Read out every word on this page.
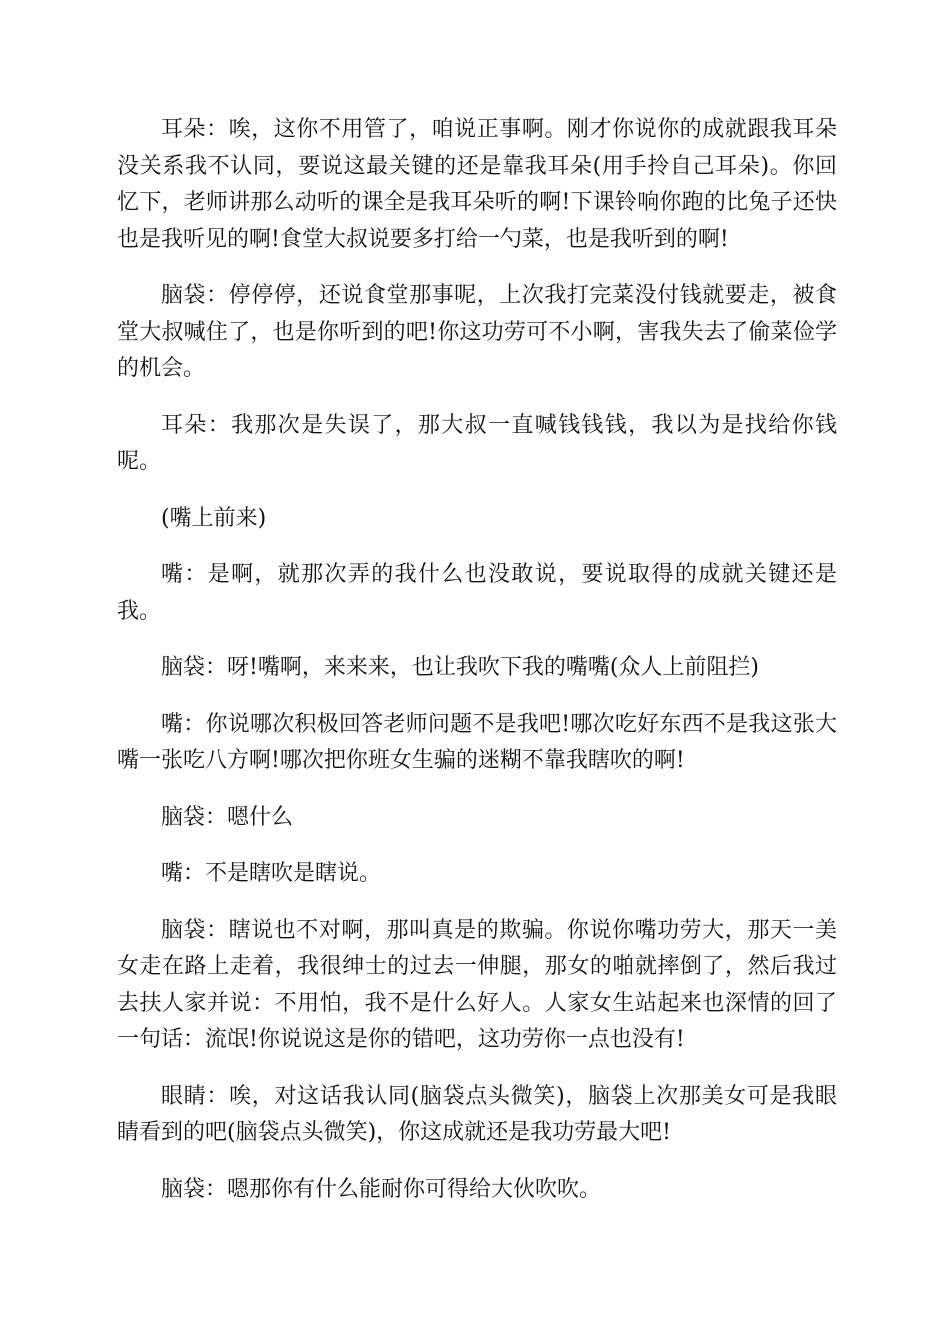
耳朵：唉，这你不用管了，咱说正事啊。刚才你说你的成就跟我耳朵没关系我不认同，要说这最关键的还是靠我耳朵(用手拎自己耳朵)。你回忆下，老师讲那么动听的课全是我耳朵听的啊!下课铃响你跑的比兔子还快也是我听见的啊!食堂大叔说要多打给一勺菜，也是我听到的啊!

脑袋：停停停，还说食堂那事呢，上次我打完菜没付钱就要走，被食堂大叔喊住了，也是你听到的吧!你这功劳可不小啊，害我失去了偷菜俭学的机会。

耳朵：我那次是失误了，那大叔一直喊钱钱钱，我以为是找给你钱呢。

(嘴上前来)

嘴：是啊，就那次弄的我什么也没敢说，要说取得的成就关键还是我。

脑袋：呀!嘴啊，来来来，也让我吹下我的嘴嘴(众人上前阻拦)

嘴：你说哪次积极回答老师问题不是我吧!哪次吃好东西不是我这张大嘴一张吃八方啊!哪次把你班女生骗的迷糊不靠我瞎吹的啊!

脑袋：嗯什么

嘴：不是瞎吹是瞎说。

脑袋：瞎说也不对啊，那叫真是的欺骗。你说你嘴功劳大，那天一美女走在路上走着，我很绅士的过去一伸腿，那女的啪就摔倒了，然后我过去扶人家并说：不用怕，我不是什么好人。人家女生站起来也深情的回了一句话：流氓!你说说这是你的错吧，这功劳你一点也没有!

眼睛：唉，对这话我认同(脑袋点头微笑)，脑袋上次那美女可是我眼睛看到的吧(脑袋点头微笑)，你这成就还是我功劳最大吧!

脑袋：嗯那你有什么能耐你可得给大伙吹吹。
